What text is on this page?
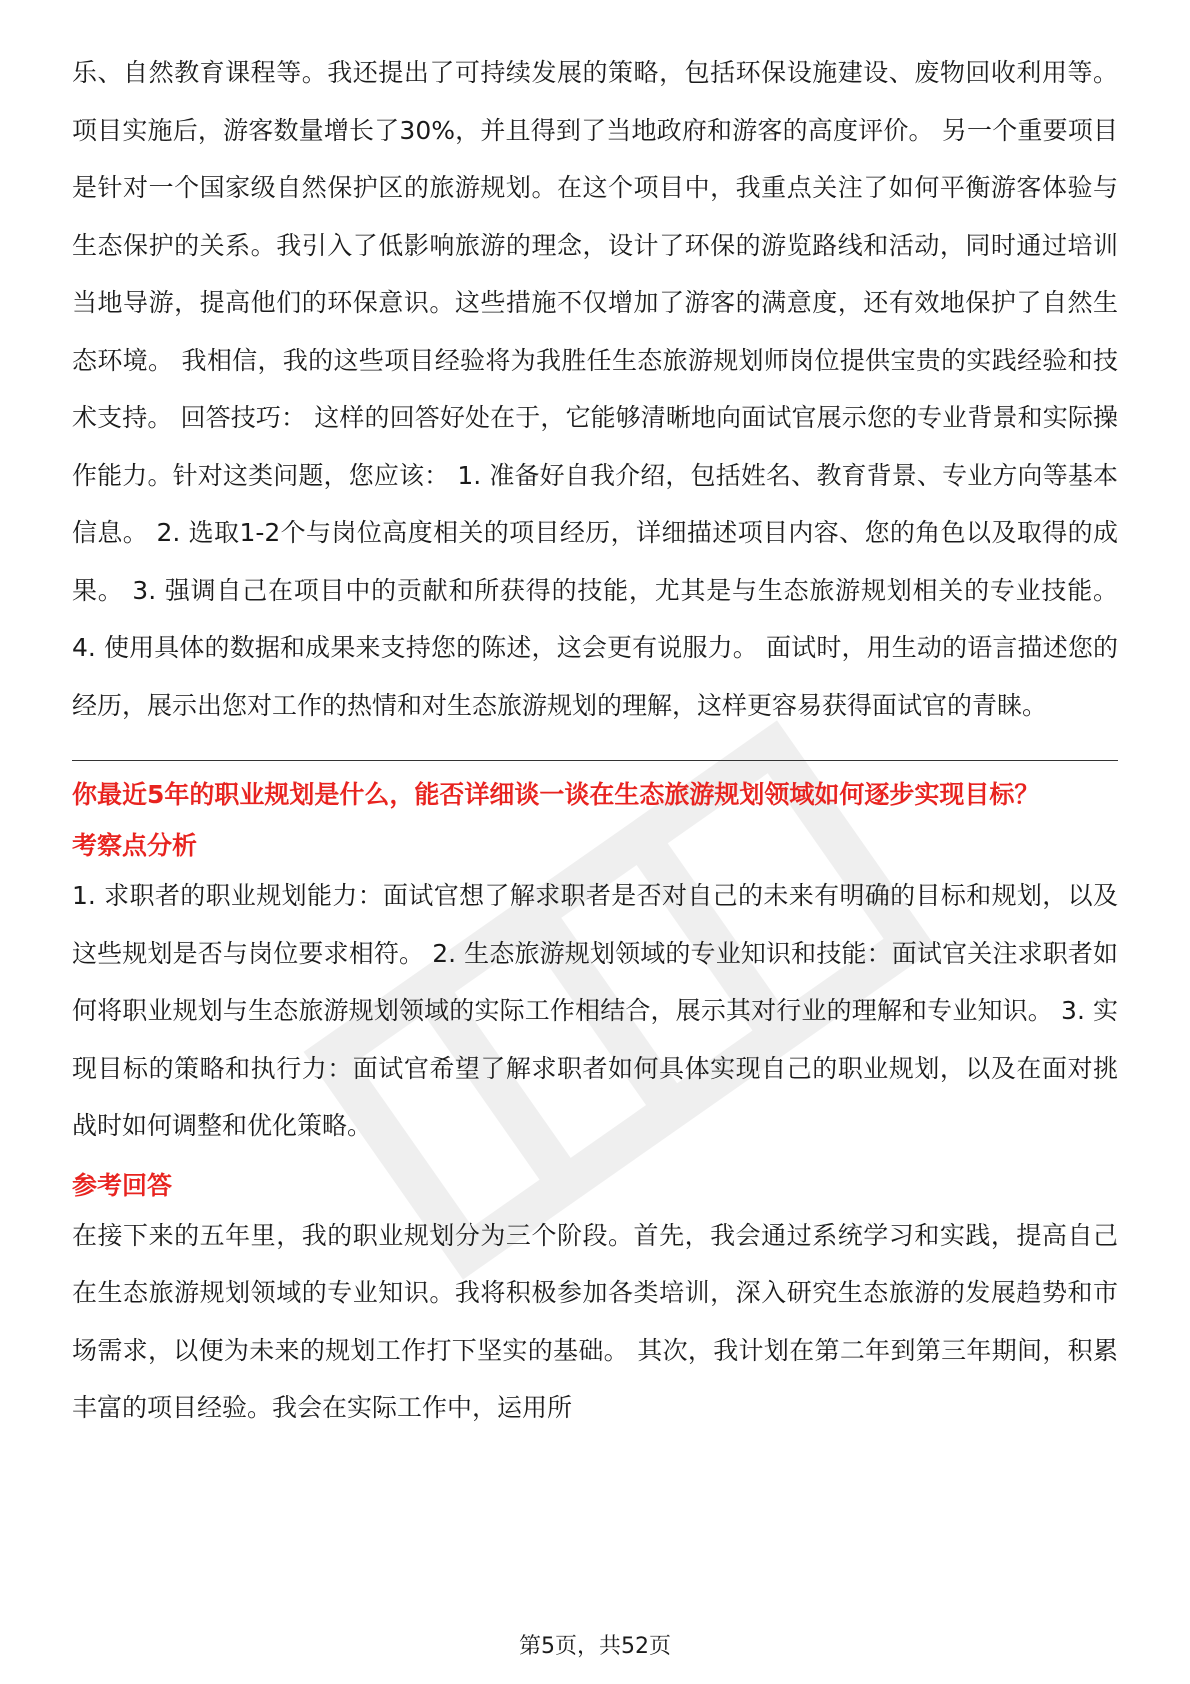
乐、自然教育课程等。我还提出了可持续发展的策略，包括环保设施建设、废物回收利用等。项目实施后，游客数量增长了30%，并且得到了当地政府和游客的高度评价。 另一个重要项目是针对一个国家级自然保护区的旅游规划。在这个项目中，我重点关注了如何平衡游客体验与生态保护的关系。我引入了低影响旅游的理念，设计了环保的游览路线和活动，同时通过培训当地导游，提高他们的环保意识。这些措施不仅增加了游客的满意度，还有效地保护了自然生态环境。 我相信，我的这些项目经验将为我胜任生态旅游规划师岗位提供宝贵的实践经验和技术支持。 回答技巧： 这样的回答好处在于，它能够清晰地向面试官展示您的专业背景和实际操作能力。针对这类问题，您应该： 1. 准备好自我介绍，包括姓名、教育背景、专业方向等基本信息。 2. 选取1-2个与岗位高度相关的项目经历，详细描述项目内容、您的角色以及取得的成果。 3. 强调自己在项目中的贡献和所获得的技能，尤其是与生态旅游规划相关的专业技能。 4. 使用具体的数据和成果来支持您的陈述，这会更有说服力。 面试时，用生动的语言描述您的经历，展示出您对工作的热情和对生态旅游规划的理解，这样更容易获得面试官的青睐。

你最近5年的职业规划是什么，能否详细谈一谈在生态旅游规划领域如何逐步实现目标？

考察点分析

1. 求职者的职业规划能力：面试官想了解求职者是否对自己的未来有明确的目标和规划，以及这些规划是否与岗位要求相符。 2. 生态旅游规划领域的专业知识和技能：面试官关注求职者如何将职业规划与生态旅游规划领域的实际工作相结合，展示其对行业的理解和专业知识。 3. 实现目标的策略和执行力：面试官希望了解求职者如何具体实现自己的职业规划，以及在面对挑战时如何调整和优化策略。

参考回答

在接下来的五年里，我的职业规划分为三个阶段。首先，我会通过系统学习和实践，提高自己在生态旅游规划领域的专业知识。我将积极参加各类培训，深入研究生态旅游的发展趋势和市场需求，以便为未来的规划工作打下坚实的基础。 其次，我计划在第二年到第三年期间，积累丰富的项目经验。我会在实际工作中，运用所

第5页，共52页
